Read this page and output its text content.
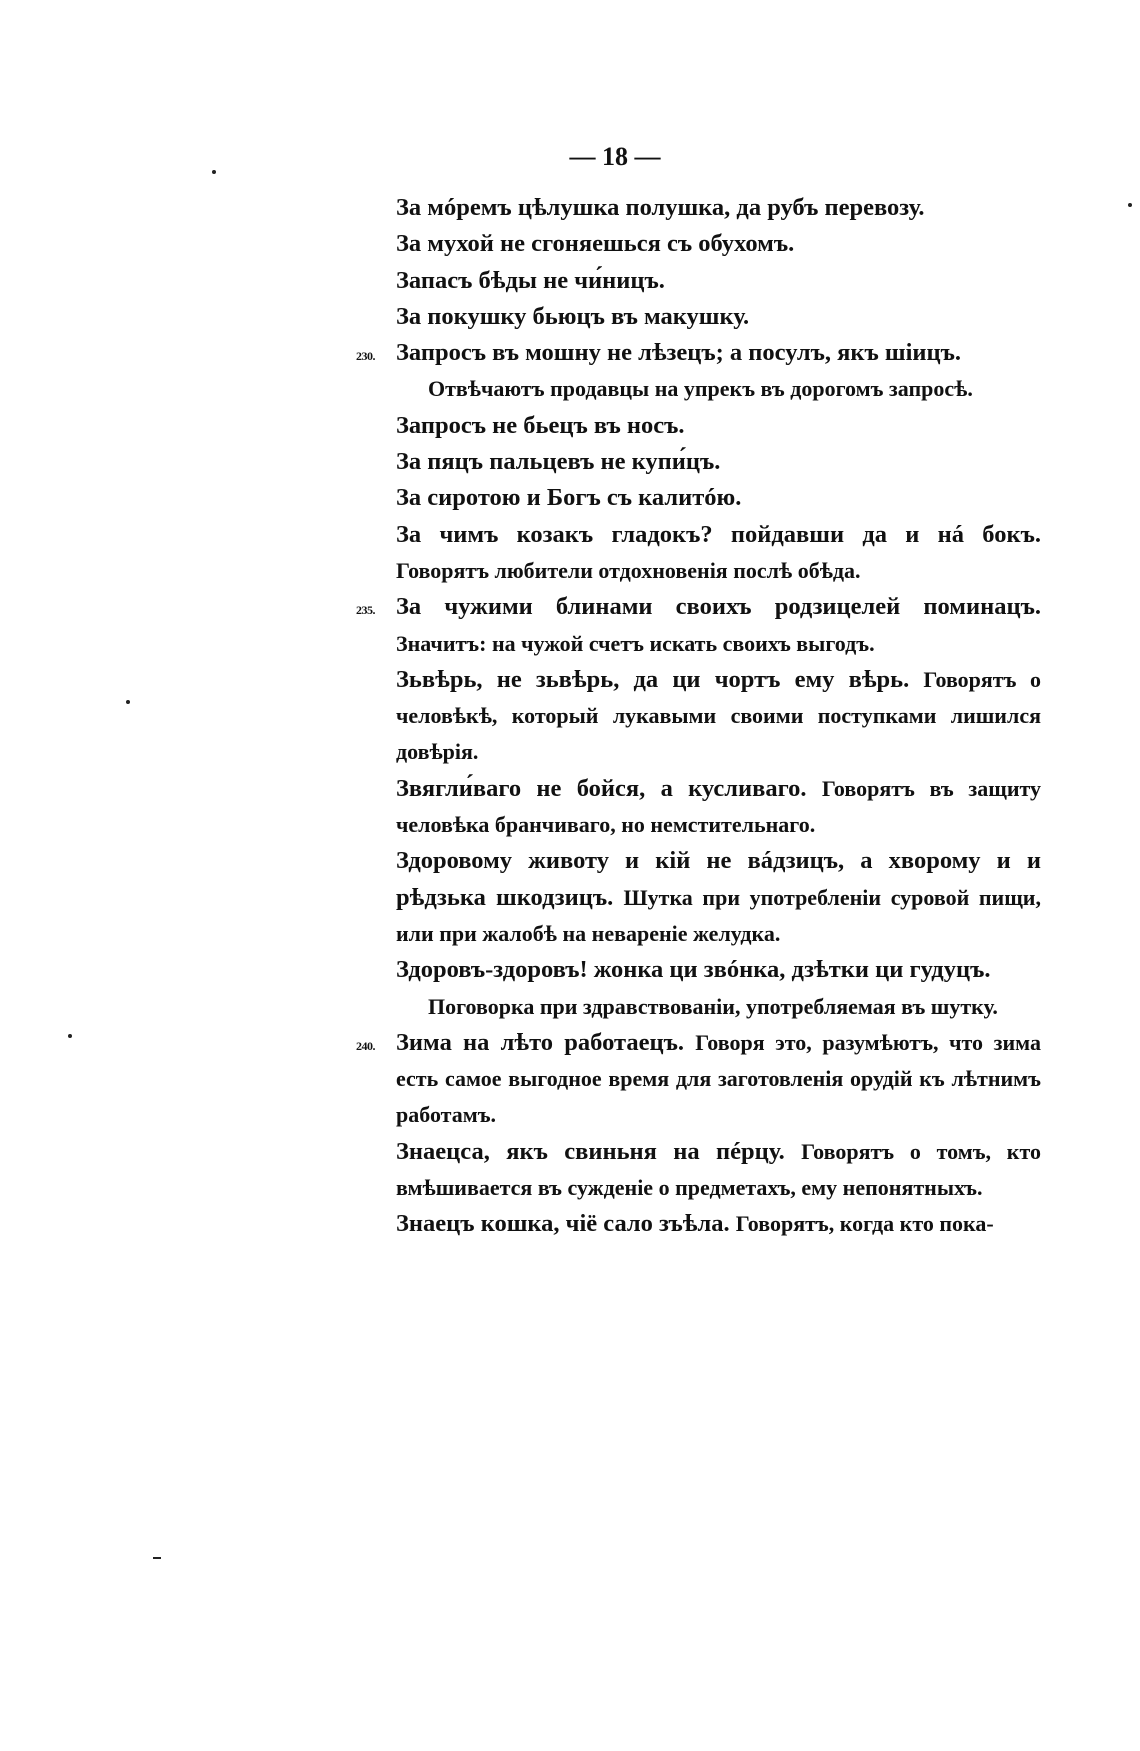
— 18 —

За мóремъ цѣлушка полушка, да рубъ перевозу.

За мухой не сгоняешься съ обухомъ.

Запасъ бѣды не чи́ницъ.

За покушку бьюцъ въ макушку.

230. Запросъ въ мошну не лѣзецъ; а посулъ, якъ шіицъ.

Отвѣчаютъ продавцы на упрекъ въ дорогомъ запросѣ.

Запросъ не бьецъ въ носъ.

За пяцъ пальцевъ не купи́цъ.

За сиротою и Богъ съ калитóю.

За чимъ козакъ гладокъ? пойдавши да и нá бокъ. Говорятъ любители отдохновенія послѣ обѣда.

235. За чужими блинами своихъ родзицелей поминацъ. Значитъ: на чужой счетъ искать своихъ выгодъ.

Зьвѣрь, не зьвѣрь, да ци чортъ ему вѣрь. Говорятъ о человѣкѣ, который лукавыми своими поступками лишился довѣрія.

Звягли́ваго не бойся, а кусливаго. Говорятъ въ защиту человѣка бранчиваго, но немстительнаго.

Здоровому животу и кій не вáдзицъ, а хворому и и рѣдзька шкодзицъ. Шутка при употребленіи суровой пищи, или при жалобѣ на невареніе желудка.

Здоровъ-здоровъ! жонка ци звóнка, дзѣтки ци гудуцъ.

Поговорка при здравствованіи, употребляемая въ шутку.

240. Зима на лѣто работаецъ. Говоря это, разумѣютъ, что зима есть самое выгодное время для заготовленія орудій къ лѣтнимъ работамъ.

Знаецса, якъ свиньня на пéрцу. Говорятъ о томъ, кто вмѣшивается въ сужденіе о предметахъ, ему непонятныхъ.

Знаецъ кошка, чіё сало зъѣла. Говорятъ, когда кто пока-
